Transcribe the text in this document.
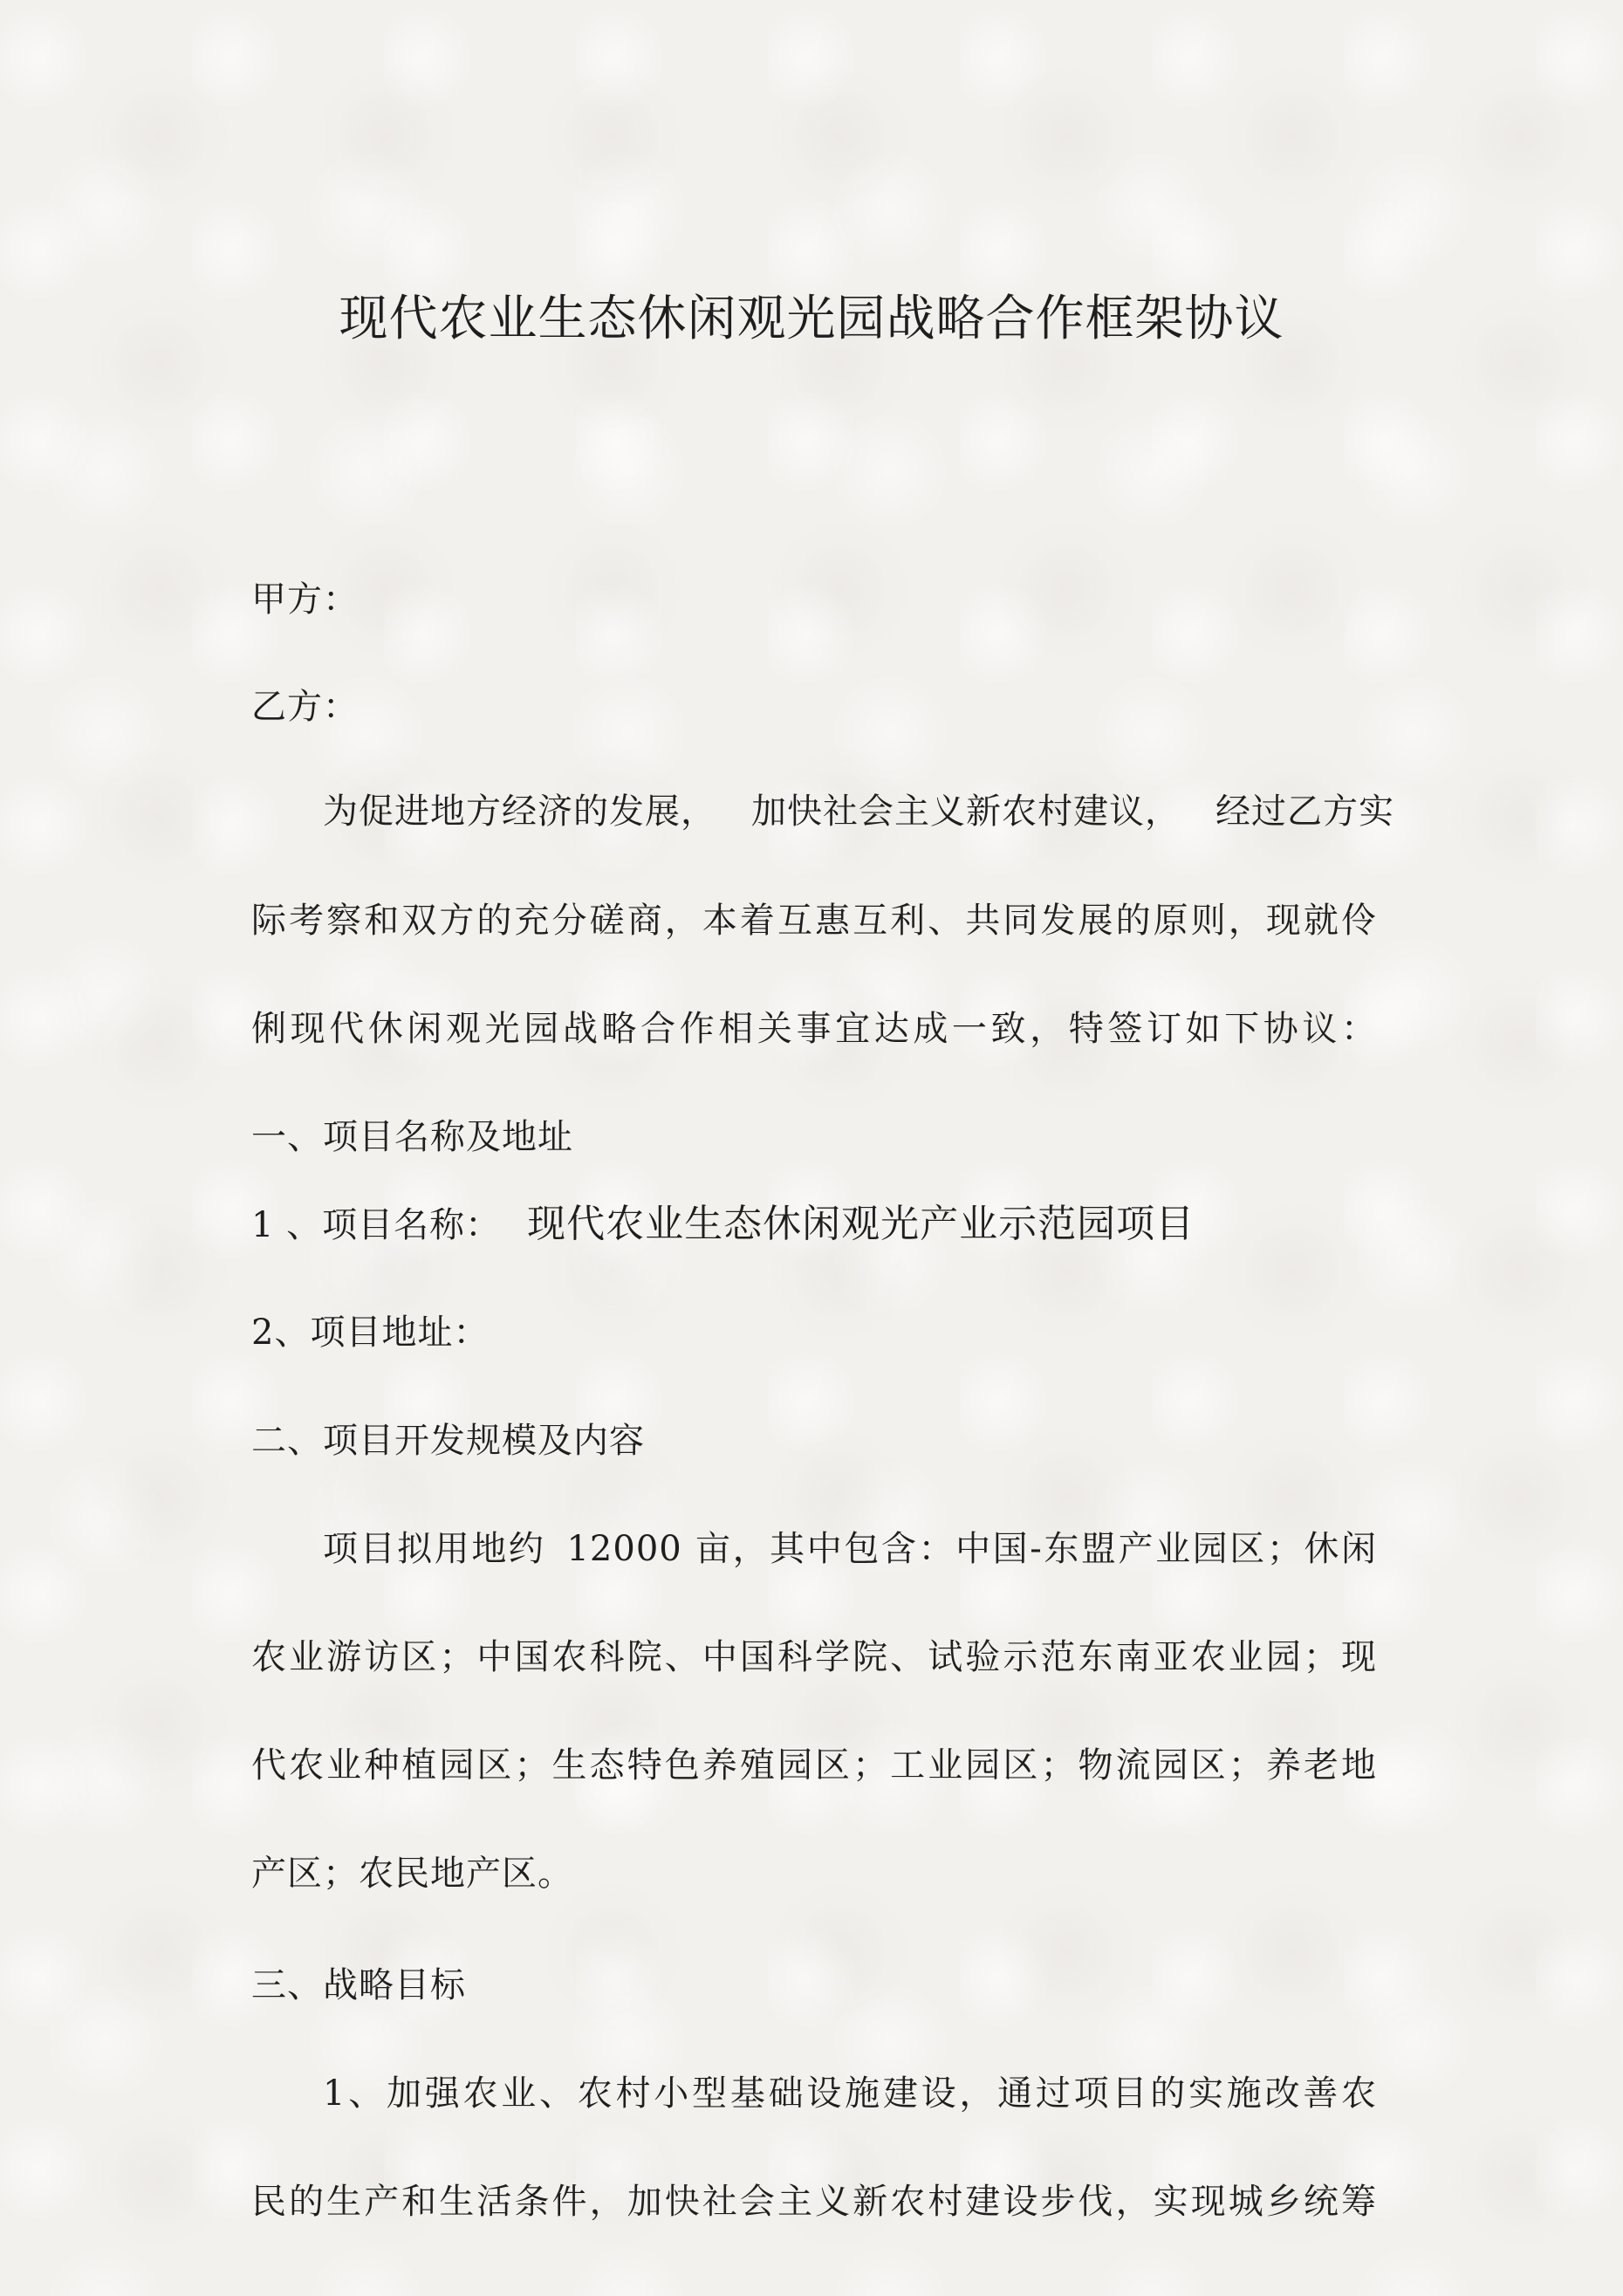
现代农业生态休闲观光园战略合作框架协议

甲方：

乙方：

为促进地方经济的发展， 加快社会主义新农村建议， 经过乙方实

际考察和双方的充分磋商，本着互惠互利、共同发展的原则，现就伶

俐现代休闲观光园战略合作相关事宜达成一致，特签订如下协议：

一、项目名称及地址

1 、项目名称： 现代农业生态休闲观光产业示范园项目

2、项目地址：

二、项目开发规模及内容

项目拟用地约 12000 亩，其中包含：中国-东盟产业园区；休闲

农业游访区；中国农科院、中国科学院、试验示范东南亚农业园；现

代农业种植园区；生态特色养殖园区；工业园区；物流园区；养老地

产区；农民地产区。

三、战略目标

1、加强农业、农村小型基础设施建设，通过项目的实施改善农

民的生产和生活条件，加快社会主义新农村建设步伐，实现城乡统筹
